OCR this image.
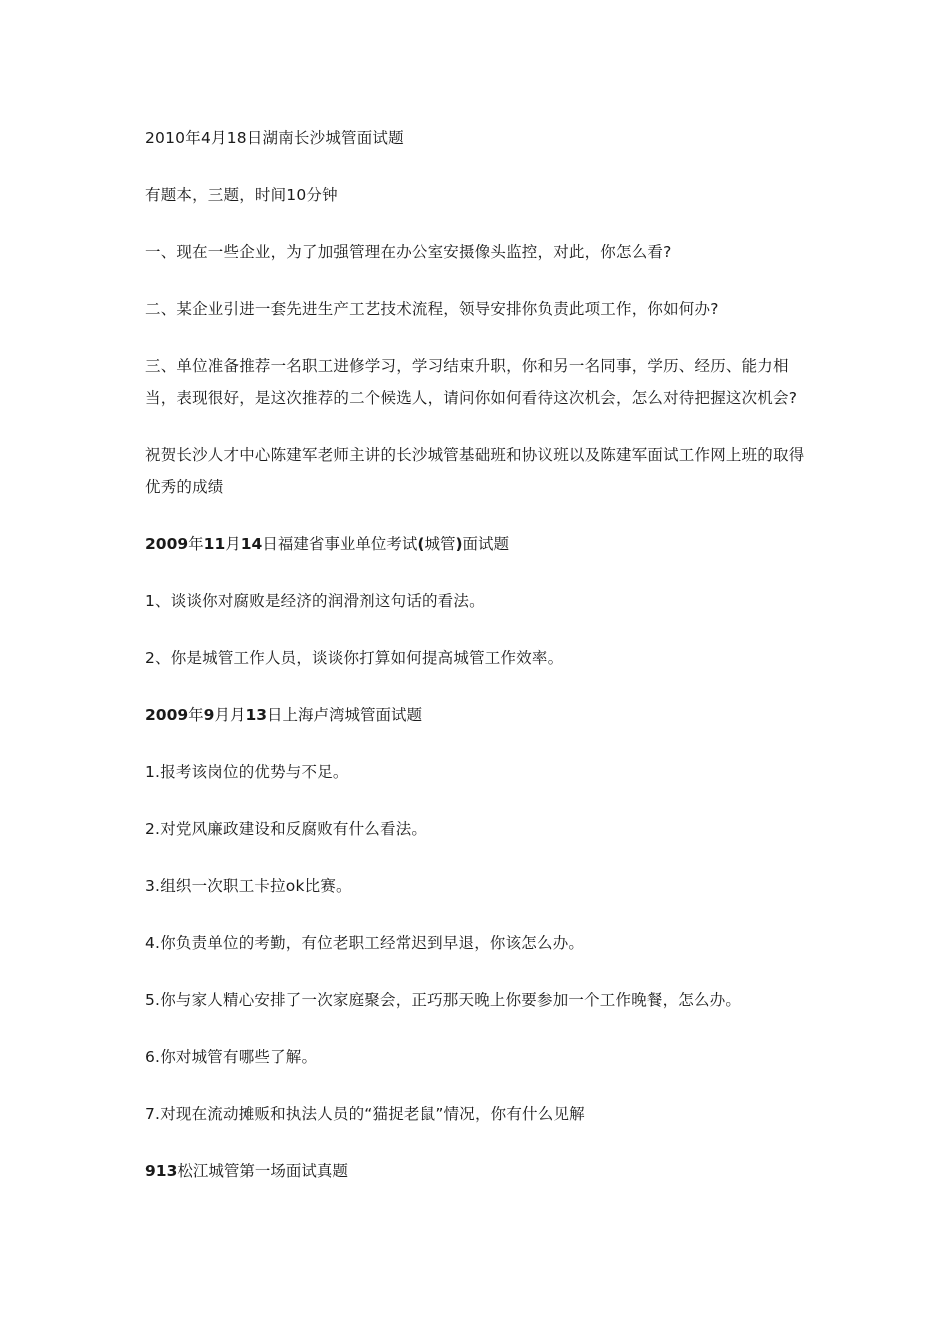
2010年4月18日湖南长沙城管面试题

有题本，三题，时间10分钟

一、现在一些企业，为了加强管理在办公室安摄像头监控，对此，你怎么看?

二、某企业引进一套先进生产工艺技术流程，领导安排你负责此项工作，你如何办?

三、单位准备推荐一名职工进修学习，学习结束升职，你和另一名同事，学历、经历、能力相当，表现很好，是这次推荐的二个候选人，请问你如何看待这次机会，怎么对待把握这次机会?

祝贺长沙人才中心陈建军老师主讲的长沙城管基础班和协议班以及陈建军面试工作网上班的取得优秀的成绩

2009年11月14日福建省事业单位考试(城管)面试题

1、谈谈你对腐败是经济的润滑剂这句话的看法。

2、你是城管工作人员，谈谈你打算如何提高城管工作效率。

2009年9月月13日上海卢湾城管面试题

1.报考该岗位的优势与不足。

2.对党风廉政建设和反腐败有什么看法。

3.组织一次职工卡拉ok比赛。

4.你负责单位的考勤，有位老职工经常迟到早退，你该怎么办。

5.你与家人精心安排了一次家庭聚会，正巧那天晚上你要参加一个工作晚餐，怎么办。

6.你对城管有哪些了解。

7.对现在流动摊贩和执法人员的“猫捉老鼠”情况，你有什么见解

913松江城管第一场面试真题
